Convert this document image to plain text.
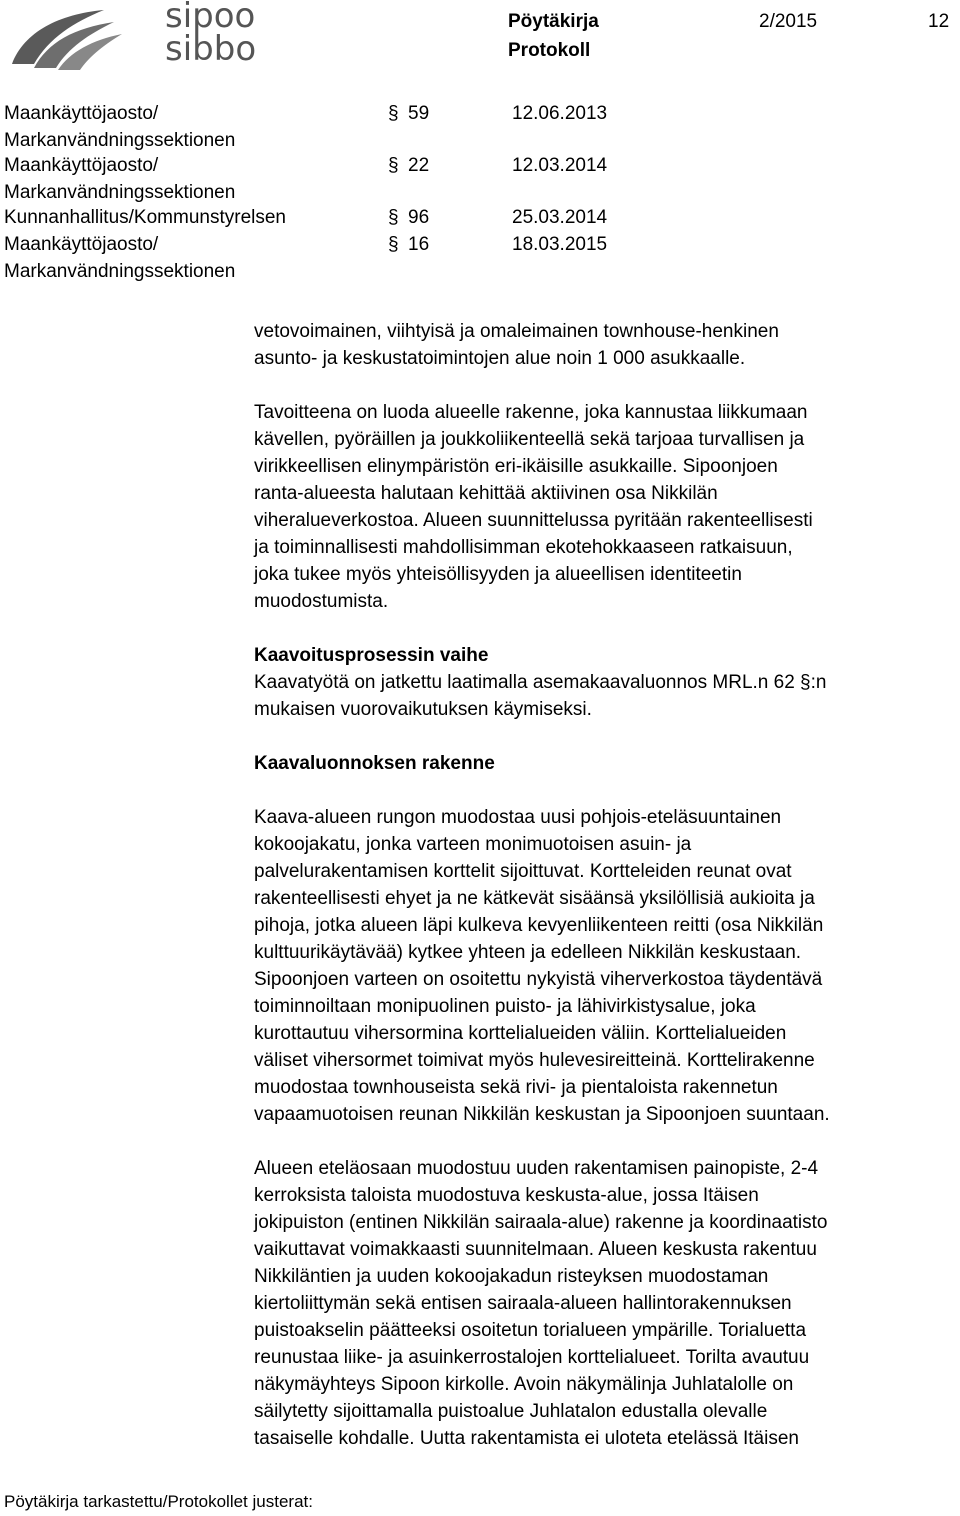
sipoo
sibbo
Pöytäkirja
Protokoll
2/2015	12
Maankäyttöjaosto/
Markanvändningssektionen
§ 59	12.06.2013
Maankäyttöjaosto/
Markanvändningssektionen
§ 22	12.03.2014
Kunnanhallitus/Kommunstyrelsen	§ 96	25.03.2014
Maankäyttöjaosto/
Markanvändningssektionen
§ 16	18.03.2015

vetovoimainen, viihtyisä ja omaleimainen townhouse-henkinen
asunto- ja keskustatoimintojen alue noin 1 000 asukkaalle.

Tavoitteena on luoda alueelle rakenne, joka kannustaa liikkumaan
kävellen, pyöräillen ja joukkoliikenteellä sekä tarjoaa turvallisen ja
virikkeellisen elinympäristön eri-ikäisille asukkaille. Sipoonjoen
ranta-alueesta halutaan kehittää aktiivinen osa Nikkilän
viheralueverkostoa. Alueen suunnittelussa pyritään rakenteellisesti
ja toiminnallisesti mahdollisimman ekotehokkaaseen ratkaisuun,
joka tukee myös yhteisöllisyyden ja alueellisen identiteetin
muodostumista.

Kaavoitusprosessin vaihe

Kaavatyötä on jatkettu laatimalla asemakaavaluonnos MRL.n 62 §:n
mukaisen vuorovaikutuksen käymiseksi.

Kaavaluonnoksen rakenne

Kaava-alueen rungon muodostaa uusi pohjois-eteläsuuntainen
kokoojakatu, jonka varteen monimuotoisen asuin- ja
palvelurakentamisen korttelit sijoittuvat. Kortteleiden reunat ovat
rakenteellisesti ehyet ja ne kätkevät sisäänsä yksilöllisiä aukioita ja
pihoja, jotka alueen läpi kulkeva kevyenliikenteen reitti (osa Nikkilän
kulttuurikäytävää) kytkee yhteen ja edelleen Nikkilän keskustaan.
Sipoonjoen varteen on osoitettu nykyistä viherverkostoa täydentävä
toiminnoiltaan monipuolinen puisto- ja lähivirkistysalue, joka
kurottautuu vihersormina korttelialueiden väliin. Korttelialueiden
väliset vihersormet toimivat myös hulevesireitteinä. Korttelirakenne
muodostaa townhouseista sekä rivi- ja pientaloista rakennetun
vapaamuotoisen reunan Nikkilän keskustan ja Sipoonjoen suuntaan.

Alueen eteläosaan muodostuu uuden rakentamisen painopiste, 2-4
kerroksista taloista muodostuva keskusta-alue, jossa Itäisen
jokipuiston (entinen Nikkilän sairaala-alue) rakenne ja koordinaatisto
vaikuttavat voimakkaasti suunnitelmaan. Alueen keskusta rakentuu
Nikkiläntien ja uuden kokoojakadun risteyksen muodostaman
kiertoliittymän sekä entisen sairaala-alueen hallintorakennuksen
puistoakselin päätteeksi osoitetun torialueen ympärille. Torialuetta
reunustaa liike- ja asuinkerrostalojen korttelialueet. Torilta avautuu
näkymäyhteys Sipoon kirkolle. Avoin näkymälinja Juhlatalolle on
säilytetty sijoittamalla puistoalue Juhlatalon edustalla olevalle
tasaiselle kohdalle. Uutta rakentamista ei uloteta etelässä Itäisen

Pöytäkirja tarkastettu/Protokollet justerat:
